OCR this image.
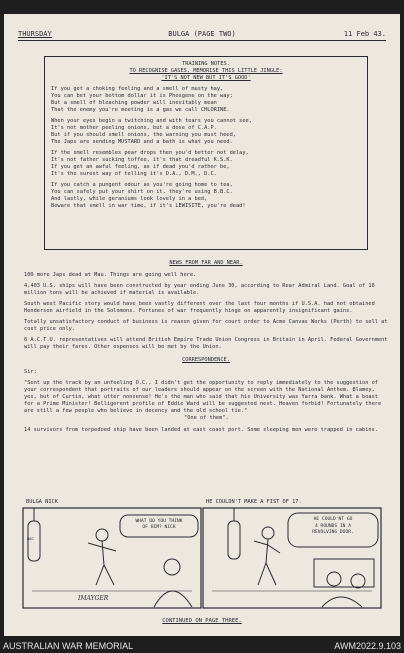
THURSDAY	BULGA (PAGE TWO)	11 Feb 43.
TRAINING NOTES.
TO RECOGNISE GASES, MEMORISE THIS LITTLE JINGLE:
'IT'S NOT NEW BUT IT'S GOOD'
If you get a choking feeling and a smell of musty hay,
You can bet your bottom dollar it is Phosgene on the way;
But a smell of bleaching powder will inevitably mean
That the enemy you're meeting is a gas we call CHLORINE.
When your eyes begin a twitching and with tears you cannot see,
It's not mother peeling onions, but a dose of C.A.P.
But if you should smell onions, the warning you must heed,
The Japs are sending MUSTARD and a bath is what you need.
If the smell resembles pear drops then you'd better not delay,
It's not father sucking toffee, it's that dreadful K.S.K.
If you get an awful feeling, as if dead you'd rather be,
It's the surest way of telling it's D.A., D.M., D.C.
If you catch a pungent odour as you're going home to tea,
You can safely put your shirt on it, they're using B.B.C.
And lastly, while geraniums look lovely in a bed,
Beware that smell in war time, if it's LEWISITE, you're dead!
NEWS FROM FAR AND NEAR.
100 more Japs dead at Mau. Things are going well here.
4,403 U.S. ships will have been constructed by year ending June 30, according to Rear Admiral Land. Goal of 16 million tons will be achieved if material is available.
South west Pacific story would have been vastly different over the last four months if U.S.A. had not obtained Henderson airfield in the Solomons. Fortunes of war frequently hinge on apparently insignificant gains.
Totally unsatisfactory conduct of business is reason given for court order to Acme Canvas Works (Perth) to sell at cost price only.
6 A.C.T.U. representatives will attend British Empire Trade Union Congress in Britain in April. Federal Government will pay their fares. Other expenses will be met by the Union.
CORRESPONDENCE.
Sir:
"Sent up the track by an unfeeling O.C., I didn't get the opportunity to reply immediately to the suggestion of your correspondent that portraits of our leaders should appear on the screen with the National Anthem. Blamey, yes, but of Curtin, what utter nonsense! He's the man who said that his University was Yarra bank. What a boast for a Prime Minister! Belligerent profile of Eddie Ward will be suggested next. Heaven forbid! Fortunately there are still a few people who believe in decency and the old school tie."
"One of them".
14 survivors from torpedoed ship have been landed at east coast port. Some sleeping men were trapped in cabins.
BULGA NICK	HE COULDN'T MAKE A FIST OF 17.
WHAT DO YOU THINK
OF HIM? NICK
HE COULD'NT GO
4 ROUNDS IN A
REVOLVING DOOR.
BAG
IMAYGER
CONTINUED ON PAGE THREE.
AUSTRALIAN WAR MEMORIAL	AWM2022.9.103
